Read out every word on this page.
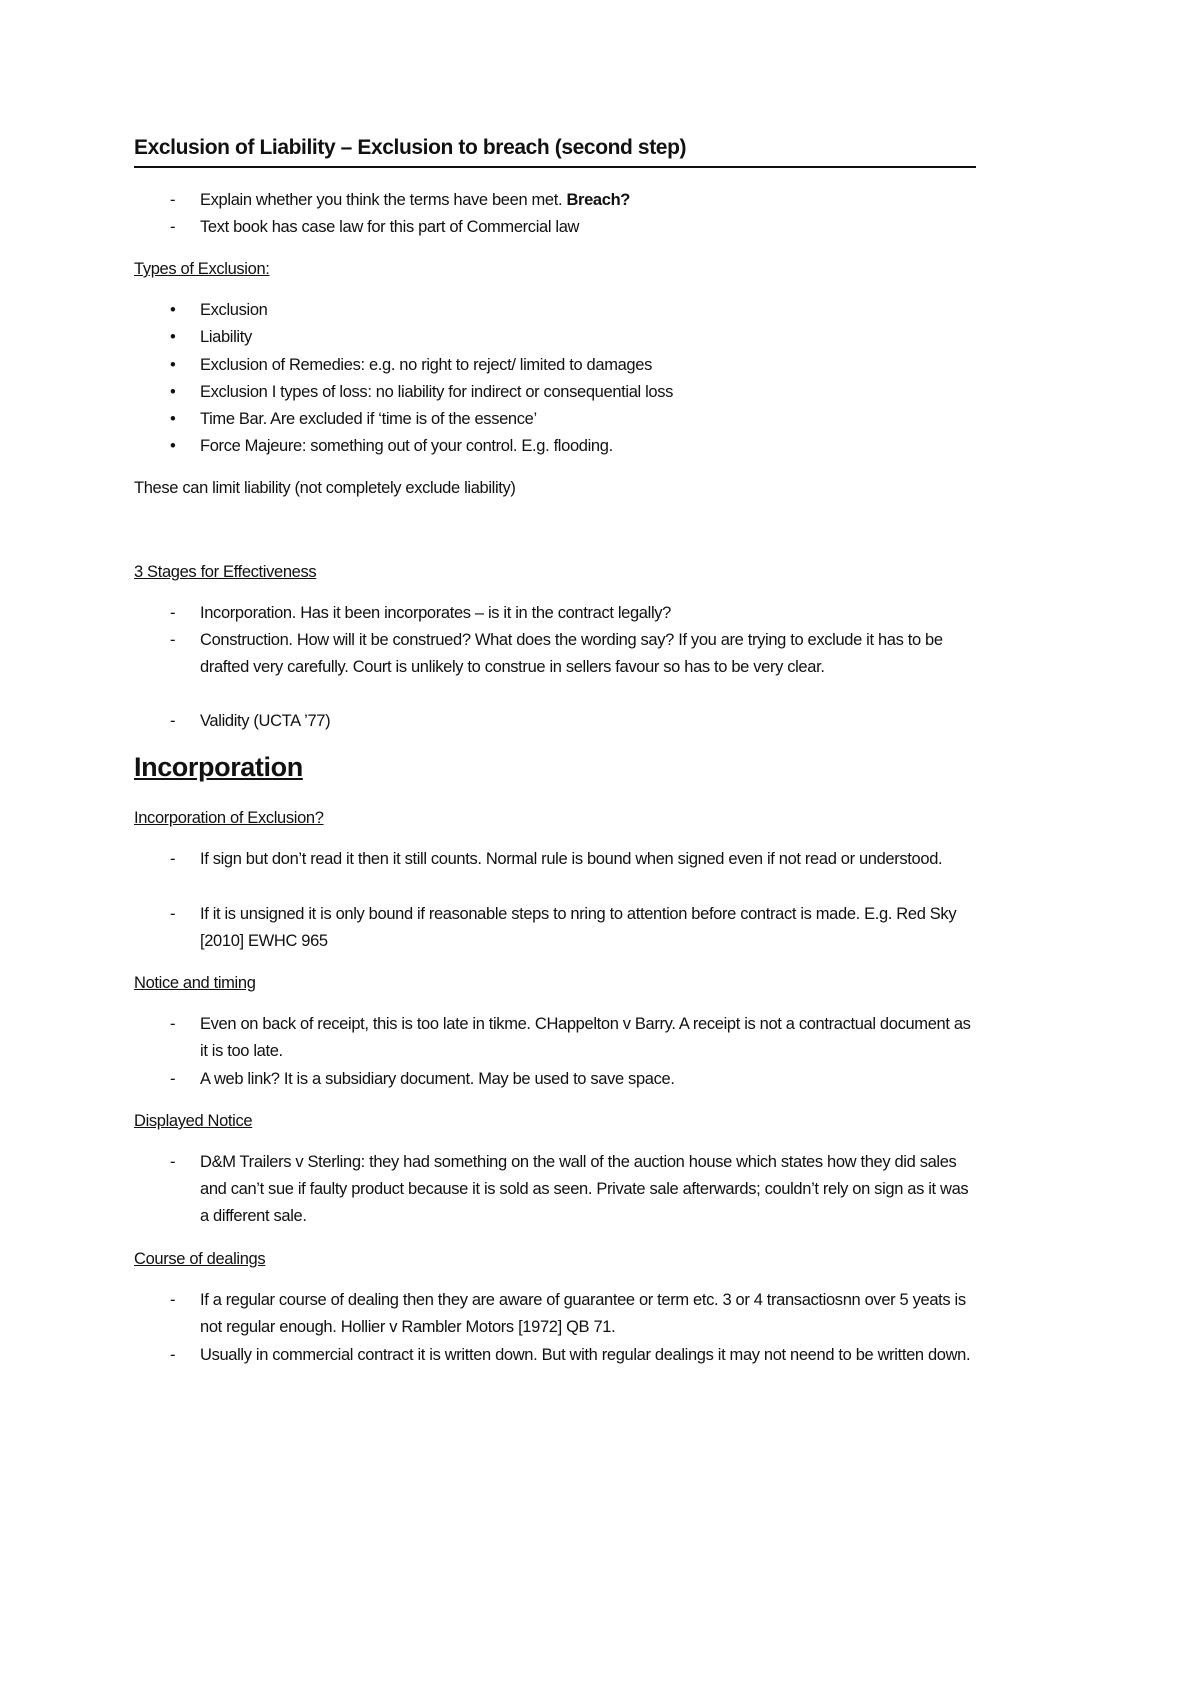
Exclusion of Liability – Exclusion to breach (second step)
- Explain whether you think the terms have been met. Breach?
- Text book has case law for this part of Commercial law
Types of Exclusion:
• Exclusion
• Liability
• Exclusion of Remedies: e.g. no right to reject/ limited to damages
• Exclusion I types of loss: no liability for indirect or consequential loss
• Time Bar. Are excluded if ‘time is of the essence’
• Force Majeure: something out of your control. E.g. flooding.
These can limit liability (not completely exclude liability)
3 Stages for Effectiveness
- Incorporation. Has it been incorporates – is it in the contract legally?
- Construction. How will it be construed? What does the wording say? If you are trying to exclude it has to be drafted very carefully. Court is unlikely to construe in sellers favour so has to be very clear.
- Validity (UCTA ’77)
Incorporation
Incorporation of Exclusion?
- If sign but don’t read it then it still counts. Normal rule is bound when signed even if not read or understood.
- If it is unsigned it is only bound if reasonable steps to nring to attention before contract is made. E.g. Red Sky [2010] EWHC 965
Notice and timing
- Even on back of receipt, this is too late in tikme. CHappelton v Barry. A receipt is not a contractual document as it is too late.
- A web link? It is a subsidiary document. May be used to save space.
Displayed Notice
- D&M Trailers v Sterling: they had something on the wall of the auction house which states how they did sales and can’t sue if faulty product because it is sold as seen. Private sale afterwards; couldn’t rely on sign as it was a different sale.
Course of dealings
- If a regular course of dealing then they are aware of guarantee or term etc. 3 or 4 transactiosnn over 5 yeats is not regular enough. Hollier v Rambler Motors [1972] QB 71.
- Usually in commercial contract it is written down. But with regular dealings it may not neend to be written down.
